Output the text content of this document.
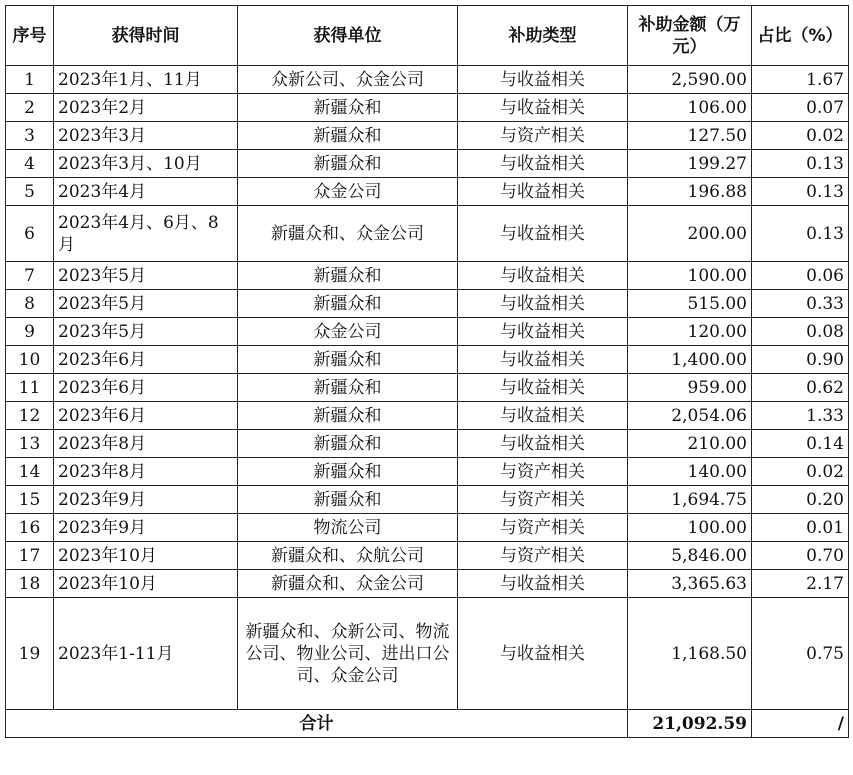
序号	获得时间	获得单位	补助类型	补助金额（万元）	占比（%）
1	2023年1月、11月	众新公司、众金公司	与收益相关	2,590.00	1.67
2	2023年2月	新疆众和	与收益相关	106.00	0.07
3	2023年3月	新疆众和	与资产相关	127.50	0.02
4	2023年3月、10月	新疆众和	与收益相关	199.27	0.13
5	2023年4月	众金公司	与收益相关	196.88	0.13
6	2023年4月、6月、8月	新疆众和、众金公司	与收益相关	200.00	0.13
7	2023年5月	新疆众和	与收益相关	100.00	0.06
8	2023年5月	新疆众和	与收益相关	515.00	0.33
9	2023年5月	众金公司	与收益相关	120.00	0.08
10	2023年6月	新疆众和	与收益相关	1,400.00	0.90
11	2023年6月	新疆众和	与收益相关	959.00	0.62
12	2023年6月	新疆众和	与收益相关	2,054.06	1.33
13	2023年8月	新疆众和	与收益相关	210.00	0.14
14	2023年8月	新疆众和	与资产相关	140.00	0.02
15	2023年9月	新疆众和	与资产相关	1,694.75	0.20
16	2023年9月	物流公司	与资产相关	100.00	0.01
17	2023年10月	新疆众和、众航公司	与资产相关	5,846.00	0.70
18	2023年10月	新疆众和、众金公司	与收益相关	3,365.63	2.17
19	2023年1-11月	新疆众和、众新公司、物流公司、物业公司、进出口公司、众金公司	与收益相关	1,168.50	0.75
合计				21,092.59	/
